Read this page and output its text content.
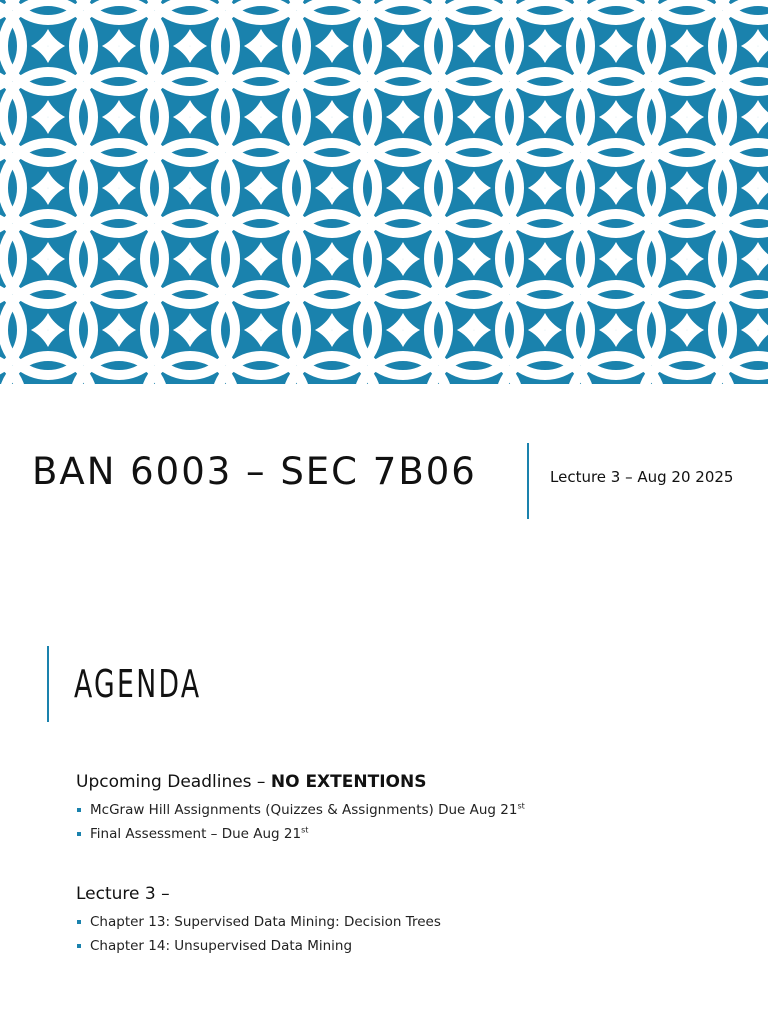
BAN 6003 – SEC 7B06	Lecture 3 – Aug 20 2025
AGENDA
Upcoming Deadlines – NO EXTENTIONS
McGraw Hill Assignments (Quizzes & Assignments) Due Aug 21st
Final Assessment – Due Aug 21st
Lecture 3 –
Chapter 13: Supervised Data Mining: Decision Trees
Chapter 14: Unsupervised Data Mining
